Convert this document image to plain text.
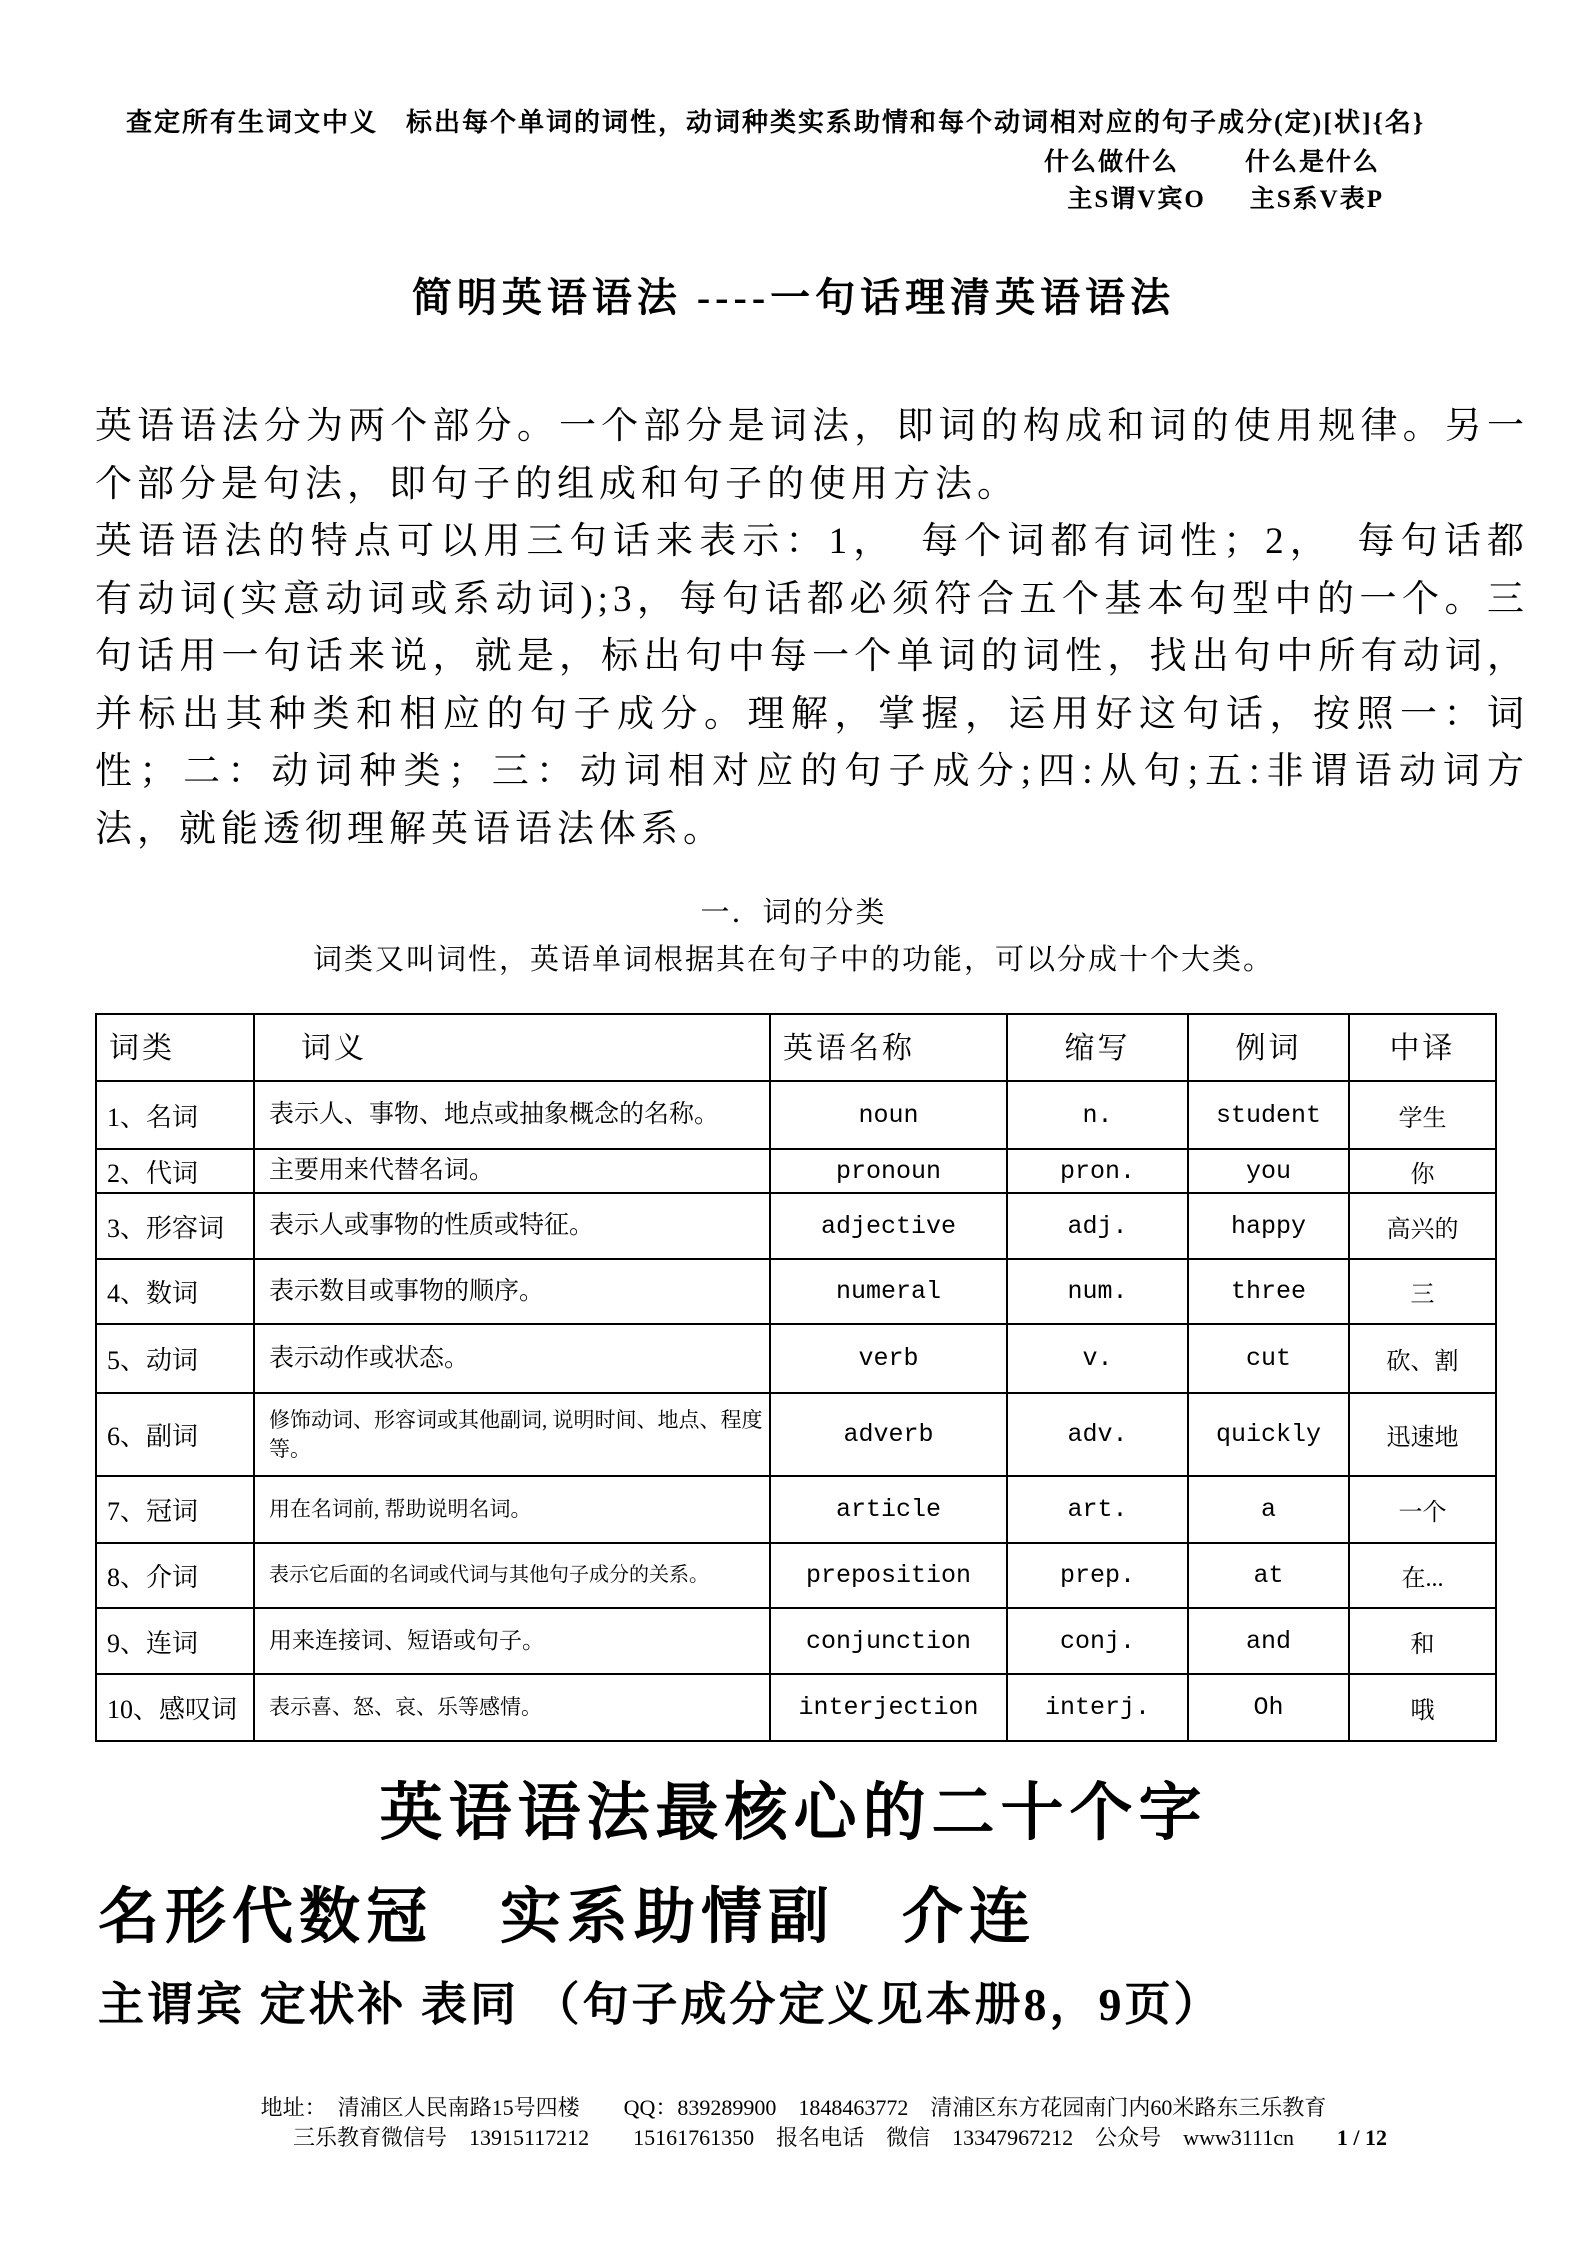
查定所有生词文中义　标出每个单词的词性，动词种类实系助情和每个动词相对应的句子成分(定)[状]{名}
什么做什么	什么是什么
主S谓V宾O 主S系V表P
简明英语语法 ----一句话理清英语语法

英语语法分为两个部分。一个部分是词法，即词的构成和词的使用规律。另一个部分是句法，即句子的组成和句子的使用方法。

英语语法的特点可以用三句话来表示：1，　每个词都有词性；2，　每句话都有动词(实意动词或系动词);3，每句话都必须符合五个基本句型中的一个。三句话用一句话来说，就是，标出句中每一个单词的词性，找出句中所有动词，并标出其种类和相应的句子成分。理解，掌握，运用好这句话，按照一：词性；二：动词种类；三：动词相对应的句子成分;四:从句;五:非谓语动词方法，就能透彻理解英语语法体系。

一．词的分类
词类又叫词性，英语单词根据其在句子中的功能，可以分成十个大类。
词类	词义	英语名称	缩写	例词	中译
1、名词	表示人、事物、地点或抽象概念的名称。	noun	n.	student	学生
2、代词	主要用来代替名词。	pronoun	pron.	you	你
3、形容词	表示人或事物的性质或特征。	adjective	adj.	happy	高兴的
4、数词	表示数目或事物的顺序。	numeral	num.	three	三
5、动词	表示动作或状态。	verb	v.	cut	砍、割
6、副词	修饰动词、形容词或其他副词, 说明时间、地点、程度等。	adverb	adv.	quickly	迅速地
7、冠词	用在名词前, 帮助说明名词。	article	art.	a	一个
8、介词	表示它后面的名词或代词与其他句子成分的关系。	preposition	prep.	at	在...
9、连词	用来连接词、短语或句子。	conjunction	conj.	and	和
10、感叹词	表示喜、怒、哀、乐等感情。	interjection	interj.	Oh	哦
英语语法最核心的二十个字
名形代数冠　实系助情副　介连
主谓宾 定状补 表同 （句子成分定义见本册8，9页）
地址：　清浦区人民南路15号四楼　　QQ：839289900　1848463772　清浦区东方花园南门内60米路东三乐教育
三乐教育微信号　13915117212　　15161761350　报名电话　微信　13347967212　公众号　www3111cn 1 / 12
